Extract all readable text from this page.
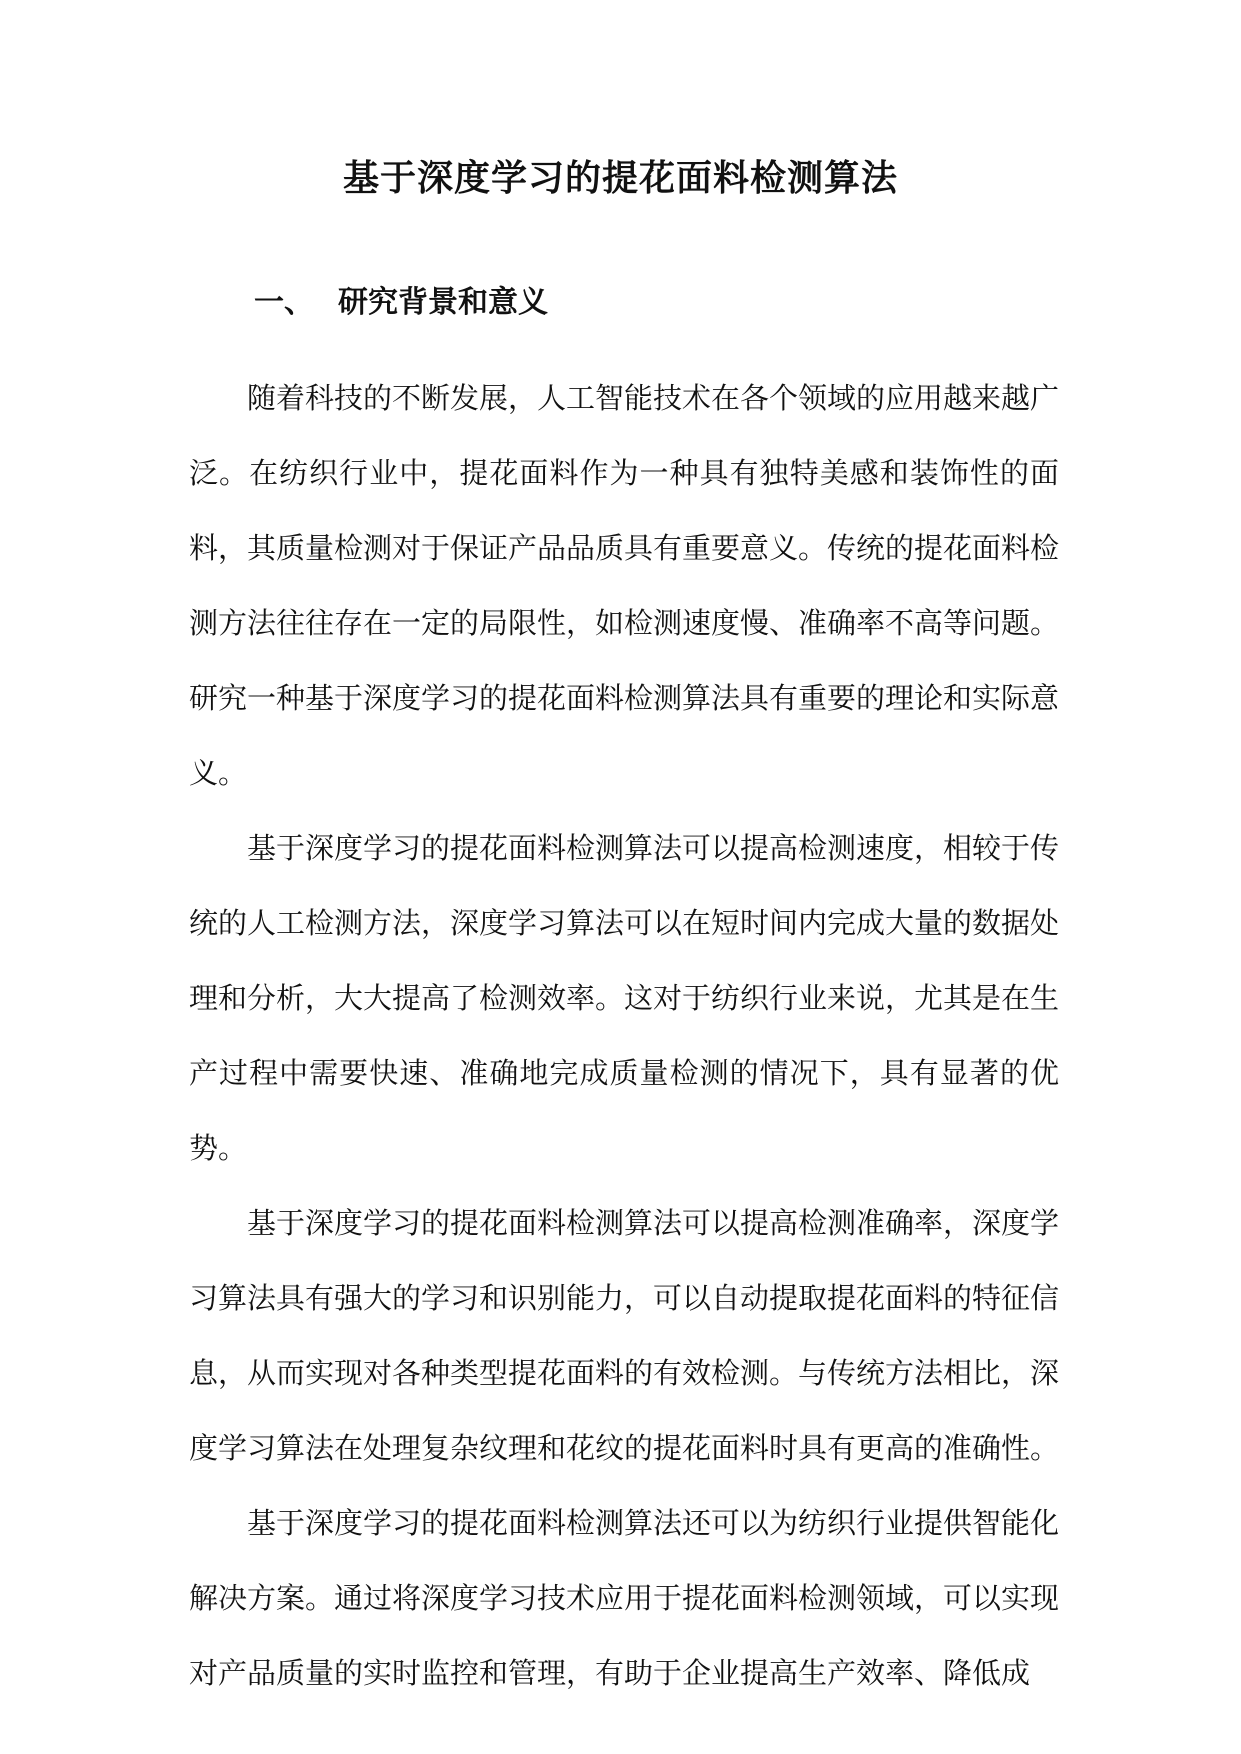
基于深度学习的提花面料检测算法
一、 研究背景和意义

随着科技的不断发展，人工智能技术在各个领域的应用越来越广泛。在纺织行业中，提花面料作为一种具有独特美感和装饰性的面料，其质量检测对于保证产品品质具有重要意义。传统的提花面料检测方法往往存在一定的局限性，如检测速度慢、准确率不高等问题。研究一种基于深度学习的提花面料检测算法具有重要的理论和实际意义。

基于深度学习的提花面料检测算法可以提高检测速度，相较于传统的人工检测方法，深度学习算法可以在短时间内完成大量的数据处理和分析，大大提高了检测效率。这对于纺织行业来说，尤其是在生产过程中需要快速、准确地完成质量检测的情况下，具有显著的优势。

基于深度学习的提花面料检测算法可以提高检测准确率，深度学习算法具有强大的学习和识别能力，可以自动提取提花面料的特征信息，从而实现对各种类型提花面料的有效检测。与传统方法相比，深度学习算法在处理复杂纹理和花纹的提花面料时具有更高的准确性。

基于深度学习的提花面料检测算法还可以为纺织行业提供智能化解决方案。通过将深度学习技术应用于提花面料检测领域，可以实现对产品质量的实时监控和管理，有助于企业提高生产效率、降低成
